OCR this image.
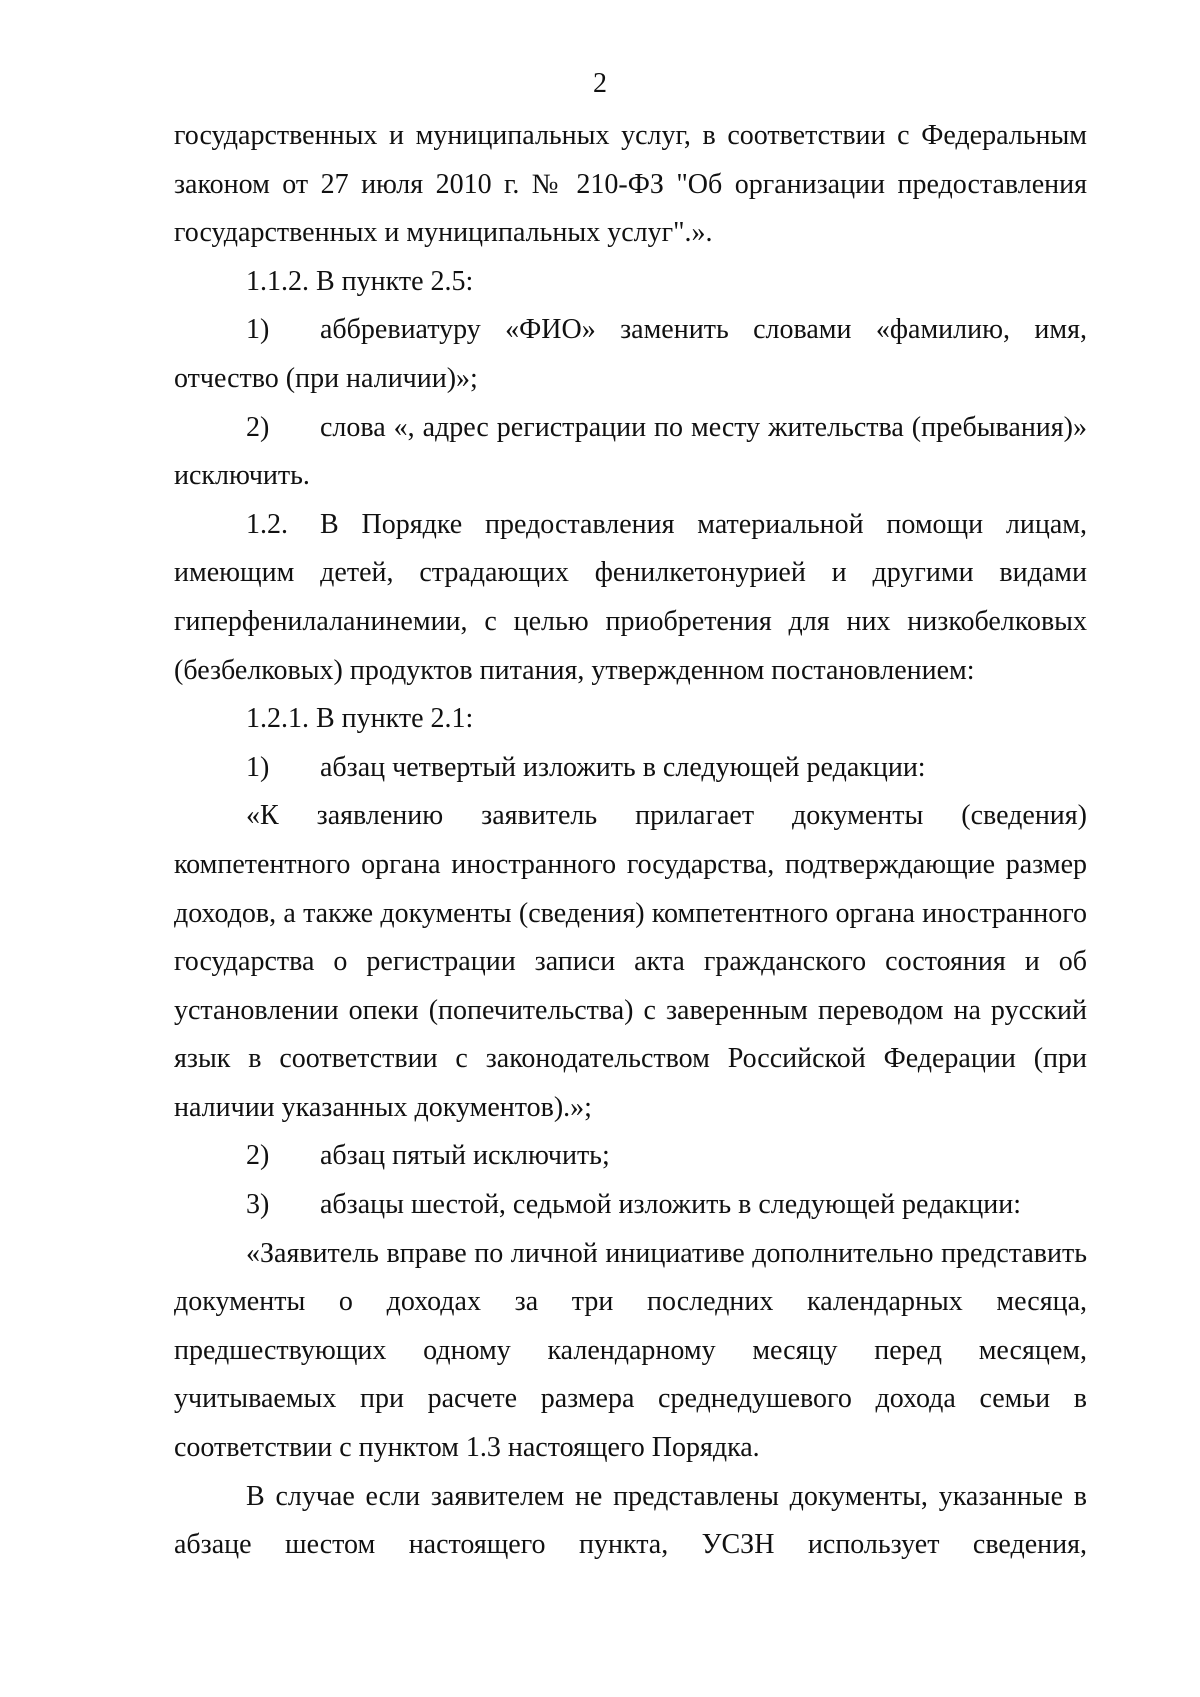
2

государственных и муниципальных услуг, в соответствии с Федеральным законом от 27 июля 2010 г. № 210-ФЗ "Об организации предоставления государственных и муниципальных услуг".».

1.1.2. В пункте 2.5:

1) аббревиатуру «ФИО» заменить словами «фамилию, имя, отчество (при наличии)»;

2) слова «, адрес регистрации по месту жительства (пребывания)» исключить.

1.2. В Порядке предоставления материальной помощи лицам, имеющим детей, страдающих фенилкетонурией и другими видами гиперфенилаланинемии, с целью приобретения для них низкобелковых (безбелковых) продуктов питания, утвержденном постановлением:

1.2.1. В пункте 2.1:

1) абзац четвертый изложить в следующей редакции:

«К заявлению заявитель прилагает документы (сведения) компетентного органа иностранного государства, подтверждающие размер доходов, а также документы (сведения) компетентного органа иностранного государства о регистрации записи акта гражданского состояния и об установлении опеки (попечительства) с заверенным переводом на русский язык в соответствии с законодательством Российской Федерации (при наличии указанных документов).»;

2) абзац пятый исключить;

3) абзацы шестой, седьмой изложить в следующей редакции:

«Заявитель вправе по личной инициативе дополнительно представить документы о доходах за три последних календарных месяца, предшествующих одному календарному месяцу перед месяцем, учитываемых при расчете размера среднедушевого дохода семьи в соответствии с пунктом 1.3 настоящего Порядка.

В случае если заявителем не представлены документы, указанные в абзаце шестом настоящего пункта, УСЗН использует сведения,
